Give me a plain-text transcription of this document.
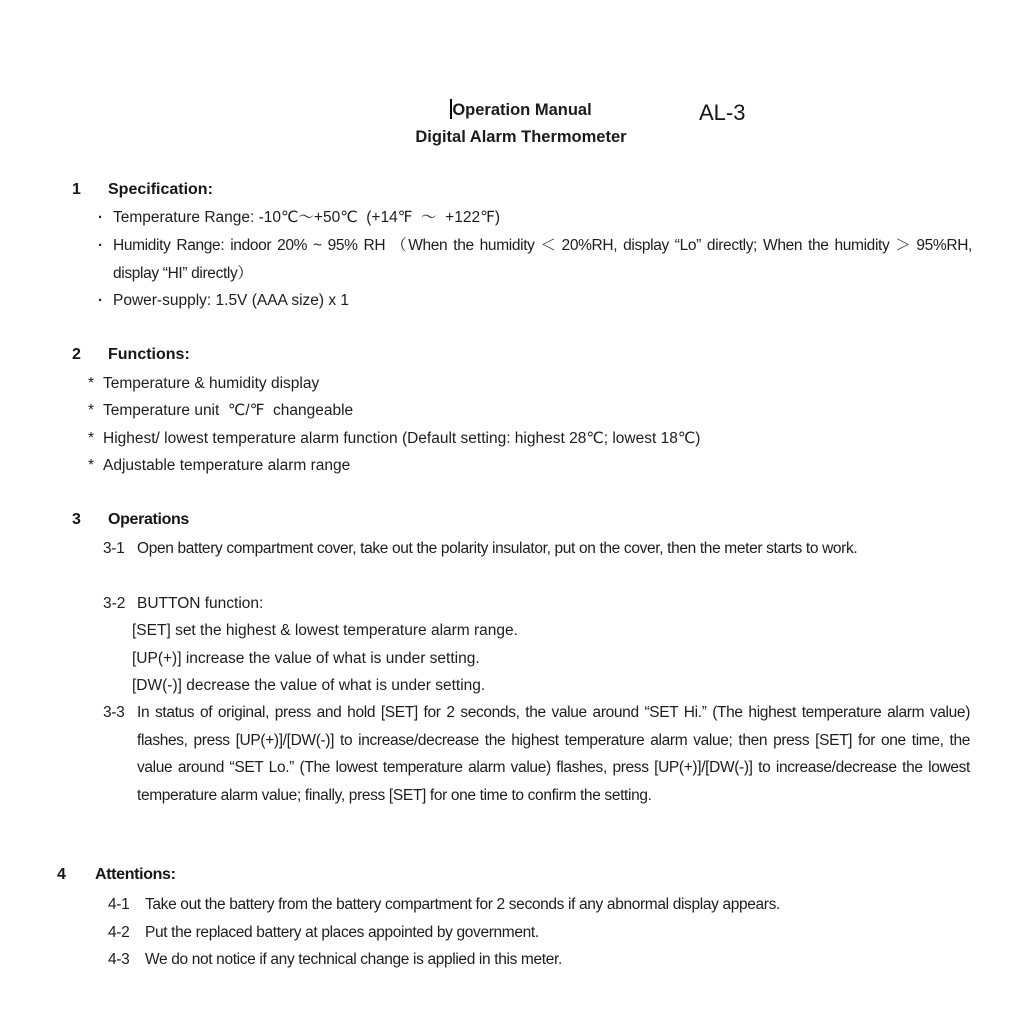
Operation Manual
Digital Alarm Thermometer
AL-3
1	Specification:
· Temperature Range: -10℃～+50℃  (+14℉  ～  +122℉)
· Humidity Range: indoor 20% ~ 95% RH （When the humidity ＜ 20%RH, display “Lo” directly; When the humidity ＞ 95%RH, display “HI” directly）
· Power-supply: 1.5V (AAA size) x 1
2	Functions:
* Temperature & humidity display
* Temperature unit  ℃/℉  changeable
* Highest/ lowest temperature alarm function (Default setting: highest 28℃; lowest 18℃)
* Adjustable temperature alarm range
3	Operations
3-1 Open battery compartment cover, take out the polarity insulator, put on the cover, then the meter starts to work.
3-2 BUTTON function:
[SET] set the highest & lowest temperature alarm range.
[UP(+)] increase the value of what is under setting.
[DW(-)] decrease the value of what is under setting.
3-3 In status of original, press and hold [SET] for 2 seconds, the value around “SET Hi.” (The highest temperature alarm value) flashes, press [UP(+)]/[DW(-)] to increase/decrease the highest temperature alarm value; then press [SET] for one time, the value around “SET Lo.” (The lowest temperature alarm value) flashes, press [UP(+)]/[DW(-)] to increase/decrease the lowest temperature alarm value; finally, press [SET] for one time to confirm the setting.
4	Attentions:
4-1	Take out the battery from the battery compartment for 2 seconds if any abnormal display appears.
4-2	Put the replaced battery at places appointed by government.
4-3	We do not notice if any technical change is applied in this meter.
